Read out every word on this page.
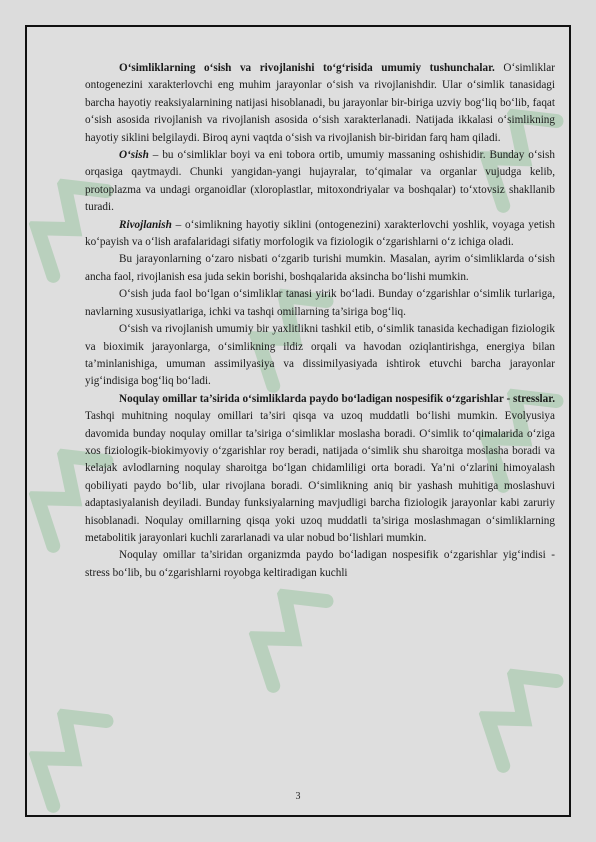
O‘simliklarning o‘sish va rivojlanishi to‘g‘risida umumiy tushunchalar. O‘simliklar ontogenezini xarakterlovchi eng muhim jarayonlar o‘sish va rivojlanishdir. Ular o‘simlik tanasidagi barcha hayotiy reaksiyalarnining natijasi hisoblanadi, bu jarayonlar bir-biriga uzviy bog‘liq bo‘lib, faqat o‘sish asosida rivojlanish va rivojlanish asosida o‘sish xarakterlanadi. Natijada ikkalasi o‘simlikning hayotiy siklini belgilaydi. Biroq ayni vaqtda o‘sish va rivojlanish bir-biridan farq ham qiladi.

O‘sish – bu o‘simliklar boyi va eni tobora ortib, umumiy massaning oshishidir. Bunday o‘sish orqasiga qaytmaydi. Chunki yangidan-yangi hujayralar, to‘qimalar va organlar vujudga kelib, protoplazma va undagi organoidlar (xloroplastlar, mitoxondriyalar va boshqalar) to‘xtovsiz shakllanib turadi.

Rivojlanish – o‘simlikning hayotiy siklini (ontogenezini) xarakterlovchi yoshlik, voyaga yetish ko‘payish va o‘lish arafalaridagi sifatiy morfologik va fiziologik o‘zgarishlarni o‘z ichiga oladi.

Bu jarayonlarning o‘zaro nisbati o‘zgarib turishi mumkin. Masalan, ayrim o‘simliklarda o‘sish ancha faol, rivojlanish esa juda sekin borishi, boshqalarida aksincha bo‘lishi mumkin.

O‘sish juda faol bo‘lgan o‘simliklar tanasi yirik bo‘ladi. Bunday o‘zgarishlar o‘simlik turlariga, navlarning xususiyatlariga, ichki va tashqi omillarning ta’siriga bog‘liq.

O‘sish va rivojlanish umumiy bir yaxlitlikni tashkil etib, o‘simlik tanasida kechadigan fiziologik va bioximik jarayonlarga, o‘simlikning ildiz orqali va havodan oziqlantirishga, energiya bilan ta’minlanishiga, umuman assimilyasiya va dissimilyasiyada ishtirok etuvchi barcha jarayonlar yig‘indisiga bog‘liq bo‘ladi.

Noqulay omillar ta’sirida o‘simliklarda paydo bo‘ladigan nospesifik o‘zgarishlar - stresslar. Tashqi muhitning noqulay omillari ta’siri qisqa va uzoq muddatli bo‘lishi mumkin. Evolyusiya davomida bunday noqulay omillar ta’siriga o‘simliklar moslasha boradi. O‘simlik to‘qimalarida o‘ziga xos fiziologik-biokimyoviy o‘zgarishlar roy beradi, natijada o‘simlik shu sharoitga moslasha boradi va kelajak avlodlarning noqulay sharoitga bo‘lgan chidamliligi orta boradi. Ya’ni o‘zlarini himoyalash qobiliyati paydo bo‘lib, ular rivojlana boradi. O‘simlikning aniq bir yashash muhitiga moslashuvi adaptasiyalanish deyiladi. Bunday funksiyalarning mavjudligi barcha fiziologik jarayonlar kabi zaruriy hisoblanadi. Noqulay omillarning qisqa yoki uzoq muddatli ta’siriga moslashmagan o‘simliklarning metabolitik jarayonlari kuchli zararlanadi va ular nobud bo‘lishlari mumkin.

Noqulay omillar ta’siridan organizmda paydo bo‘ladigan nospesifik o‘zgarishlar yig‘indisi - stress bo‘lib, bu o‘zgarishlarni royobga keltiradigan kuchli

3
